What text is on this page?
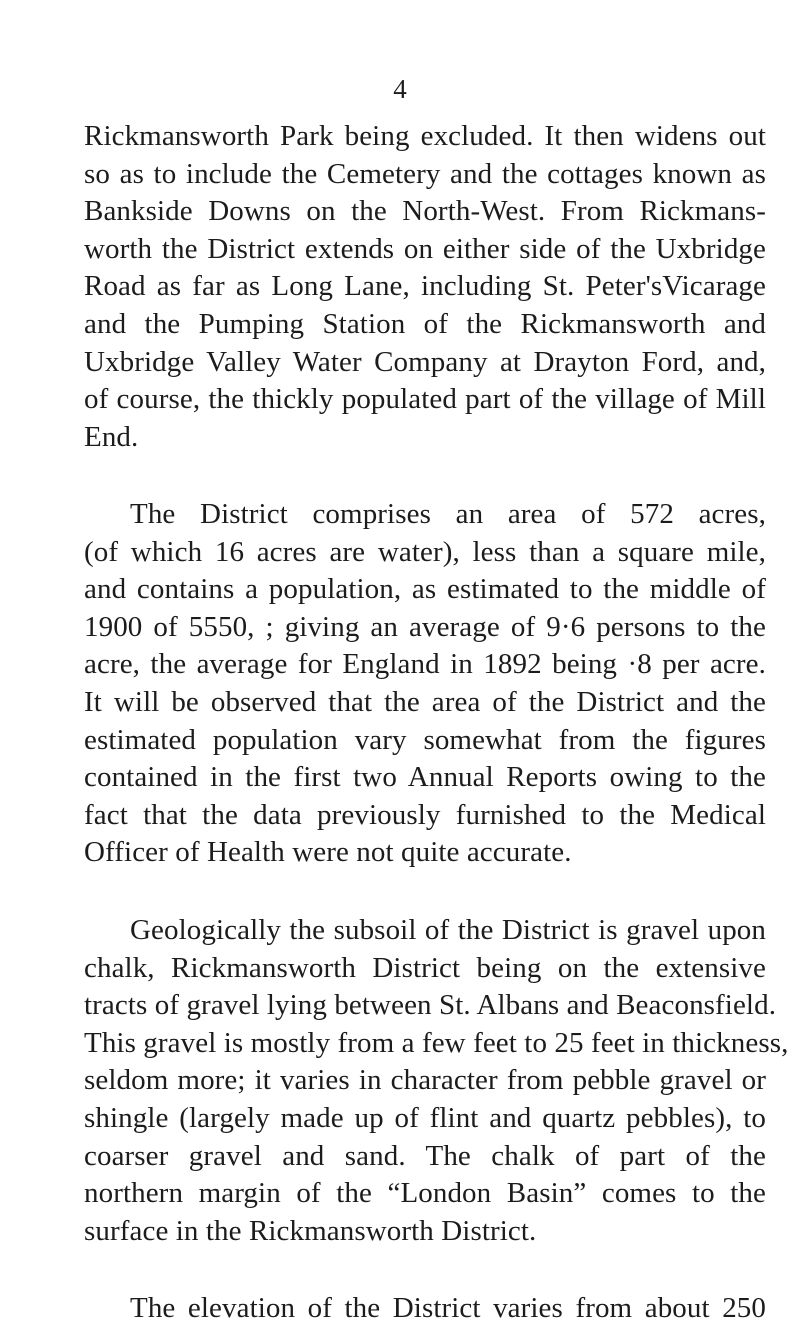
4
Rickmansworth Park being excluded. It then widens out
so as to include the Cemetery and the cottages known as
Bankside Downs on the North-West. From Rickmans-
worth the District extends on either side of the Uxbridge
Road as far as Long Lane, including St. Peter'sVicarage
and the Pumping Station of the Rickmansworth and
Uxbridge Valley Water Company at Drayton Ford, and,
of course, the thickly populated part of the village of Mill
End.
The District comprises an area of 572 acres,
(of which 16 acres are water), less than a square mile,
and contains a population, as estimated to the middle of
1900 of 5550, ; giving an average of 9·6 persons to the
acre, the average for England in 1892 being ·8 per acre.
It will be observed that the area of the District and the
estimated population vary somewhat from the figures
contained in the first two Annual Reports owing to the
fact that the data previously furnished to the Medical
Officer of Health were not quite accurate.
Geologically the subsoil of the District is gravel upon
chalk, Rickmansworth District being on the extensive
tracts of gravel lying between St. Albans and Beaconsfield.
This gravel is mostly from a few feet to 25 feet in thickness,
seldom more; it varies in character from pebble gravel or
shingle (largely made up of flint and quartz pebbles), to
coarser gravel and sand. The chalk of part of the
northern margin of the “London Basin” comes to the
surface in the Rickmansworth District.
The elevation of the District varies from about 250
